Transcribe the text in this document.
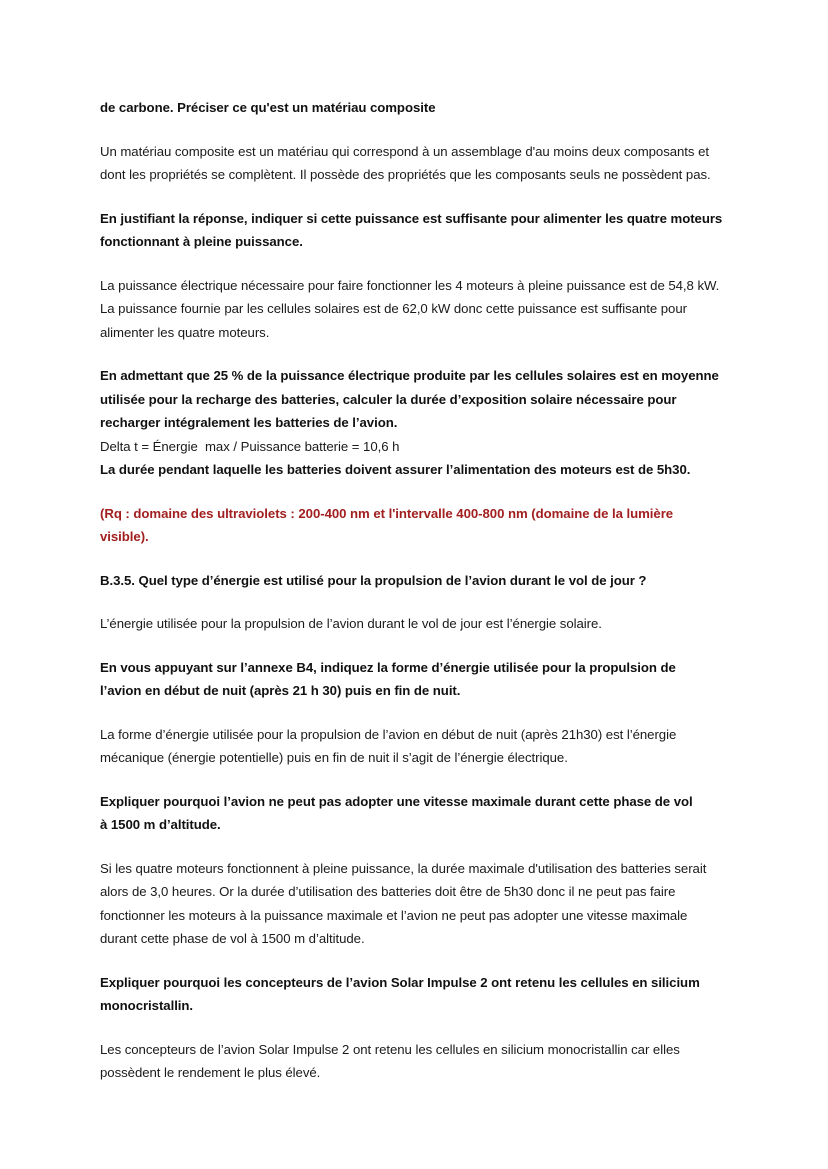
de carbone. Préciser ce qu'est un matériau composite

Un matériau composite est un matériau qui correspond à un assemblage d'au moins deux composants et dont les propriétés se complètent. Il possède des propriétés que les composants seuls ne possèdent pas.

En justifiant la réponse, indiquer si cette puissance est suffisante pour alimenter les quatre moteurs fonctionnant à pleine puissance.

La puissance électrique nécessaire pour faire fonctionner les 4 moteurs à pleine puissance est de 54,8 kW. La puissance fournie par les cellules solaires est de 62,0 kW donc cette puissance est suffisante pour alimenter les quatre moteurs.

En admettant que 25 % de la puissance électrique produite par les cellules solaires est en moyenne utilisée pour la recharge des batteries, calculer la durée d’exposition solaire nécessaire pour recharger intégralement les batteries de l’avion.

Delta t = Énergie  max / Puissance batterie = 10,6 h

La durée pendant laquelle les batteries doivent assurer l’alimentation des moteurs est de 5h30.

(Rq : domaine des ultraviolets : 200-400 nm et l'intervalle 400-800 nm (domaine de la lumière visible).

B.3.5. Quel type d’énergie est utilisé pour la propulsion de l’avion durant le vol de jour ?

L’énergie utilisée pour la propulsion de l’avion durant le vol de jour est l’énergie solaire.

En vous appuyant sur l’annexe B4, indiquez la forme d’énergie utilisée pour la propulsion de l’avion en début de nuit (après 21 h 30) puis en fin de nuit.

La forme d’énergie utilisée pour la propulsion de l’avion en début de nuit (après 21h30) est l’énergie mécanique (énergie potentielle) puis en fin de nuit il s’agit de l’énergie électrique.

Expliquer pourquoi l’avion ne peut pas adopter une vitesse maximale durant cette phase de vol à 1500 m d’altitude.

Si les quatre moteurs fonctionnent à pleine puissance, la durée maximale d'utilisation des batteries serait alors de 3,0 heures. Or la durée d’utilisation des batteries doit être de 5h30 donc il ne peut pas faire fonctionner les moteurs à la puissance maximale et l’avion ne peut pas adopter une vitesse maximale durant cette phase de vol à 1500 m d’altitude.

Expliquer pourquoi les concepteurs de l’avion Solar Impulse 2 ont retenu les cellules en silicium monocristallin.

Les concepteurs de l’avion Solar Impulse 2 ont retenu les cellules en silicium monocristallin car elles possèdent le rendement le plus élevé.
